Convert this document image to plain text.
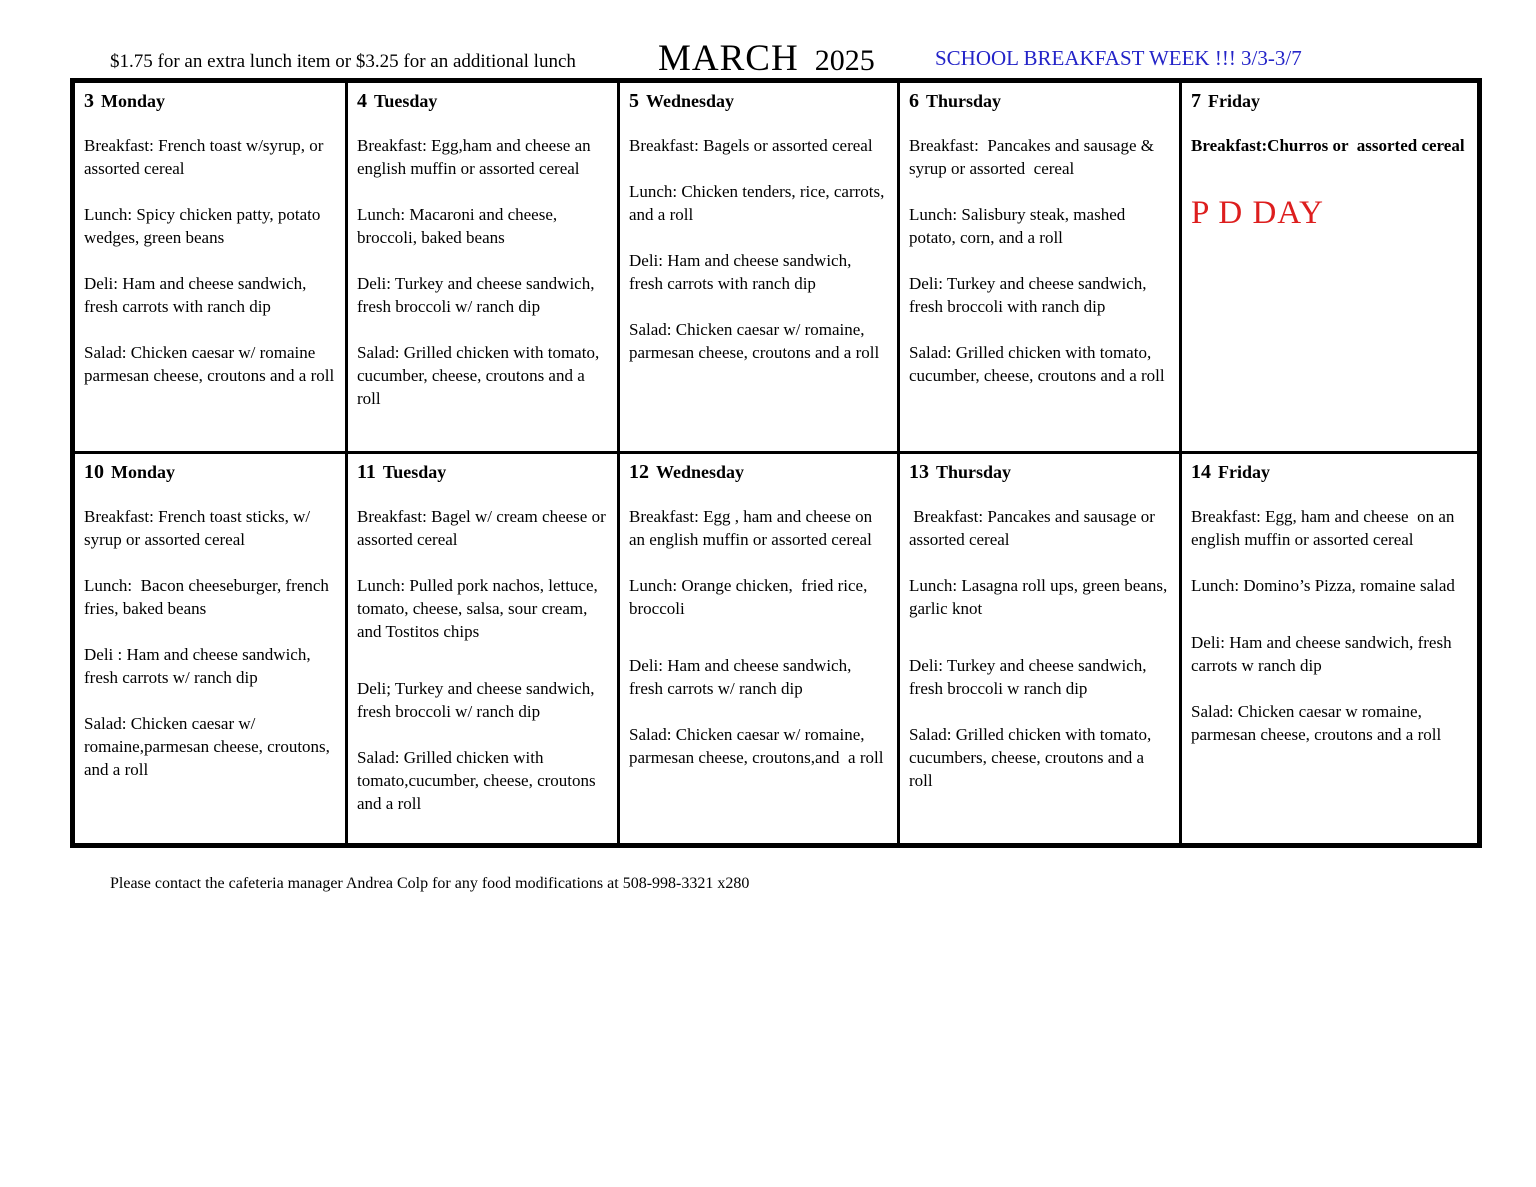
$1.75 for an extra lunch item or $3.25 for an additional lunch MARCH 2025	SCHOOL BREAKFAST WEEK !!! 3/3-3/7
3 Monday

Breakfast: French toast w/syrup, or assorted cereal

Lunch: Spicy chicken patty, potato wedges, green beans

Deli: Ham and cheese sandwich, fresh carrots with ranch dip

Salad: Chicken caesar w/ romaine parmesan cheese, croutons and a roll

4 Tuesday

Breakfast: Egg,ham and cheese an english muffin or assorted cereal

Lunch: Macaroni and cheese, broccoli, baked beans

Deli: Turkey and cheese sandwich, fresh broccoli w/ ranch dip

Salad: Grilled chicken with tomato, cucumber, cheese, croutons and a roll

5 Wednesday

Breakfast: Bagels or assorted cereal

Lunch: Chicken tenders, rice, carrots, and a roll

Deli: Ham and cheese sandwich, fresh carrots with ranch dip

Salad: Chicken caesar w/ romaine, parmesan cheese, croutons and a roll

6 Thursday

Breakfast:  Pancakes and sausage & syrup or assorted  cereal

Lunch: Salisbury steak, mashed potato, corn, and a roll

Deli: Turkey and cheese sandwich, fresh broccoli with ranch dip

Salad: Grilled chicken with tomato, cucumber, cheese, croutons and a roll

7 Friday

Breakfast:Churros or  assorted cereal

P D DAY

10 Monday

Breakfast: French toast sticks, w/ syrup or assorted cereal

Lunch:  Bacon cheeseburger, french fries, baked beans

Deli : Ham and cheese sandwich, fresh carrots w/ ranch dip

Salad: Chicken caesar w/ romaine,parmesan cheese, croutons, and a roll

11 Tuesday

Breakfast: Bagel w/ cream cheese or assorted cereal

Lunch: Pulled pork nachos, lettuce, tomato, cheese, salsa, sour cream, and Tostitos chips

Deli; Turkey and cheese sandwich, fresh broccoli w/ ranch dip

Salad: Grilled chicken with tomato,cucumber, cheese, croutons and a roll

12 Wednesday

Breakfast: Egg , ham and cheese on an english muffin or assorted cereal

Lunch: Orange chicken,  fried rice, broccoli

Deli: Ham and cheese sandwich, fresh carrots w/ ranch dip

Salad: Chicken caesar w/ romaine, parmesan cheese, croutons,and  a roll

13 Thursday

Breakfast: Pancakes and sausage or assorted cereal

Lunch: Lasagna roll ups, green beans, garlic knot

Deli: Turkey and cheese sandwich, fresh broccoli w ranch dip

Salad: Grilled chicken with tomato, cucumbers, cheese, croutons and a roll

14 Friday

Breakfast: Egg, ham and cheese  on an english muffin or assorted cereal

Lunch: Domino’s Pizza, romaine salad

Deli: Ham and cheese sandwich, fresh carrots w ranch dip

Salad: Chicken caesar w romaine, parmesan cheese, croutons and a roll

Please contact the cafeteria manager Andrea Colp for any food modifications at 508-998-3321 x280
